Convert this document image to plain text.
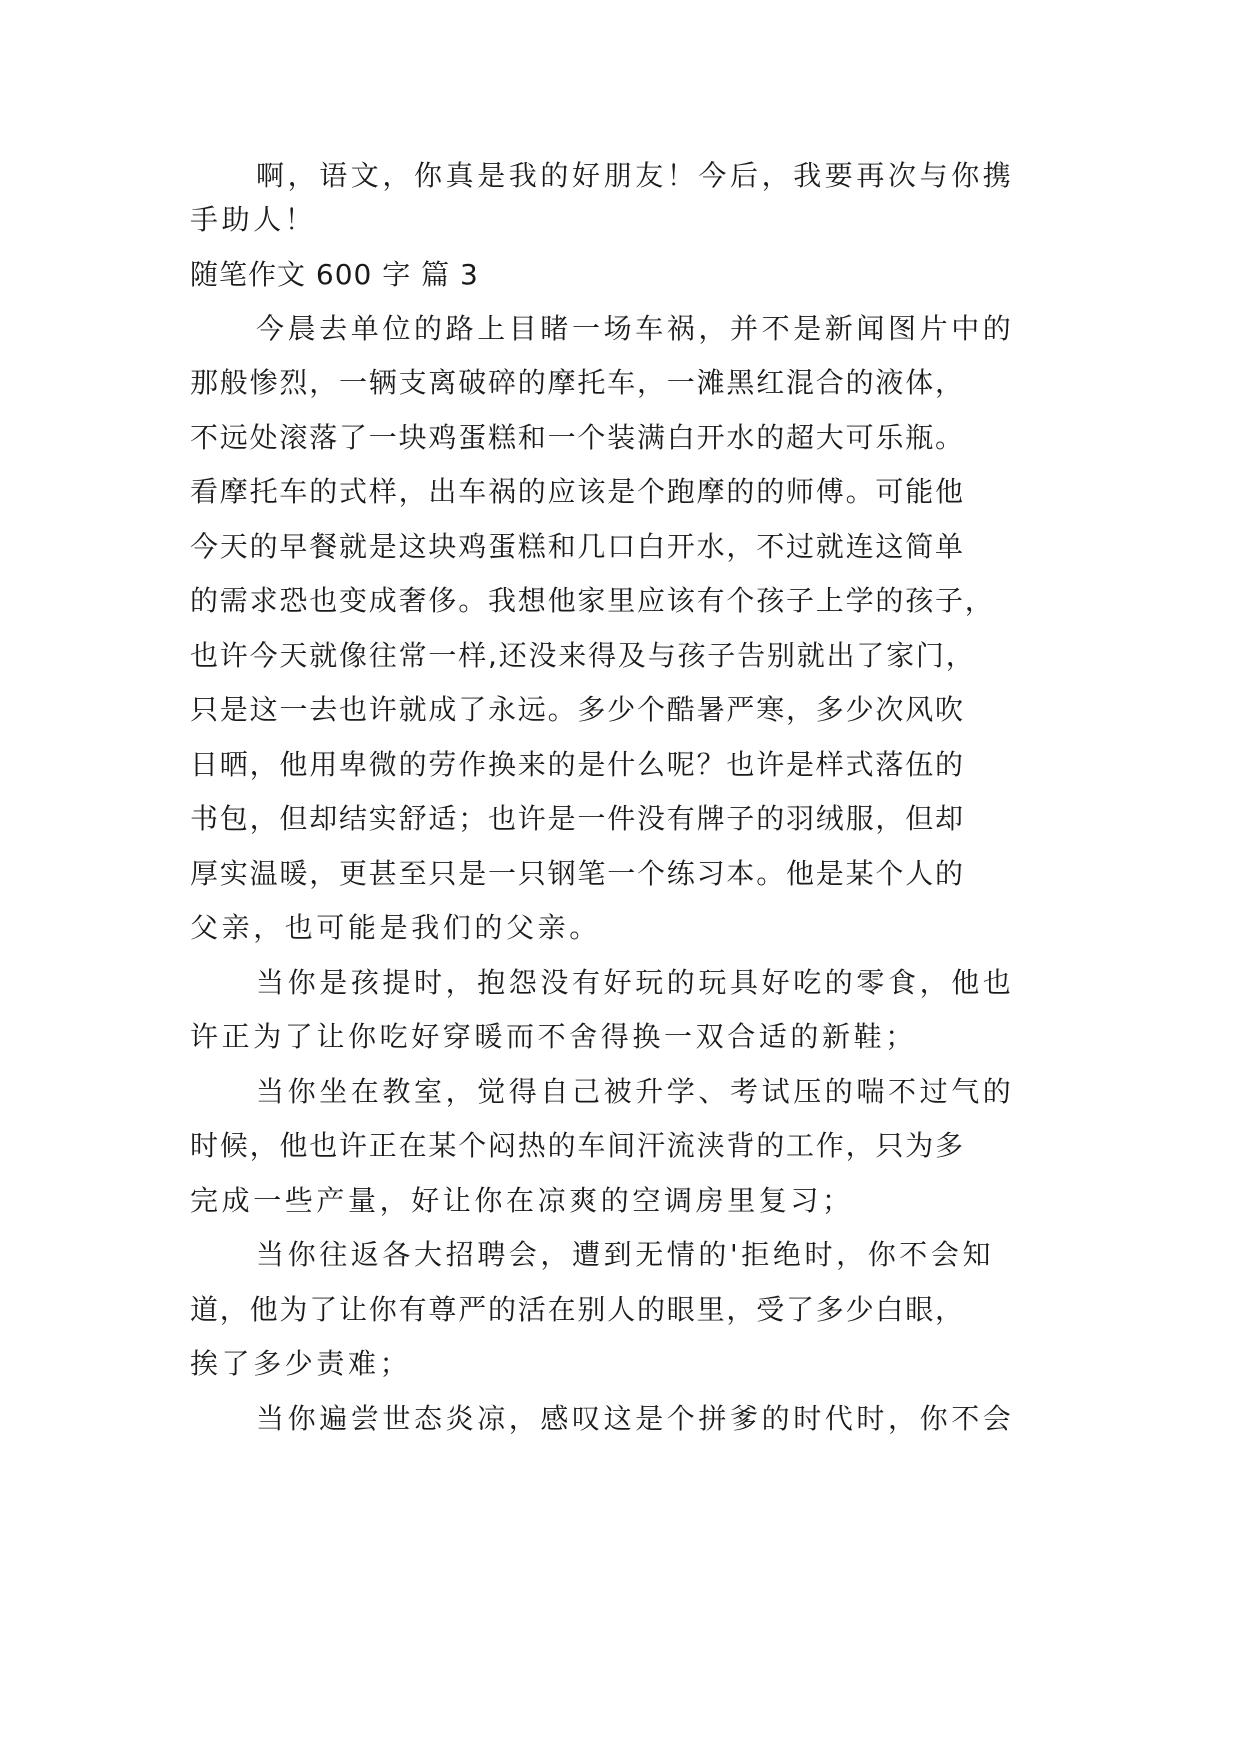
啊，语文，你真是我的好朋友！今后，我要再次与你携
手助人！
随笔作文 600 字 篇 3
今晨去单位的路上目睹一场车祸，并不是新闻图片中的
那般惨烈，一辆支离破碎的摩托车，一滩黑红混合的液体，
不远处滚落了一块鸡蛋糕和一个装满白开水的超大可乐瓶。
看摩托车的式样，出车祸的应该是个跑摩的的师傅。可能他
今天的早餐就是这块鸡蛋糕和几口白开水，不过就连这简单
的需求恐也变成奢侈。我想他家里应该有个孩子上学的孩子，
也许今天就像往常一样,还没来得及与孩子告别就出了家门，
只是这一去也许就成了永远。多少个酷暑严寒，多少次风吹
日晒，他用卑微的劳作换来的是什么呢？也许是样式落伍的
书包，但却结实舒适；也许是一件没有牌子的羽绒服，但却
厚实温暖，更甚至只是一只钢笔一个练习本。他是某个人的
父亲，也可能是我们的父亲。
当你是孩提时，抱怨没有好玩的玩具好吃的零食，他也
许正为了让你吃好穿暖而不舍得换一双合适的新鞋；
当你坐在教室，觉得自己被升学、考试压的喘不过气的
时候，他也许正在某个闷热的车间汗流浃背的工作，只为多
完成一些产量，好让你在凉爽的空调房里复习；
当你往返各大招聘会，遭到无情的'拒绝时，你不会知
道，他为了让你有尊严的活在别人的眼里，受了多少白眼，
挨了多少责难；
当你遍尝世态炎凉，感叹这是个拼爹的时代时，你不会
